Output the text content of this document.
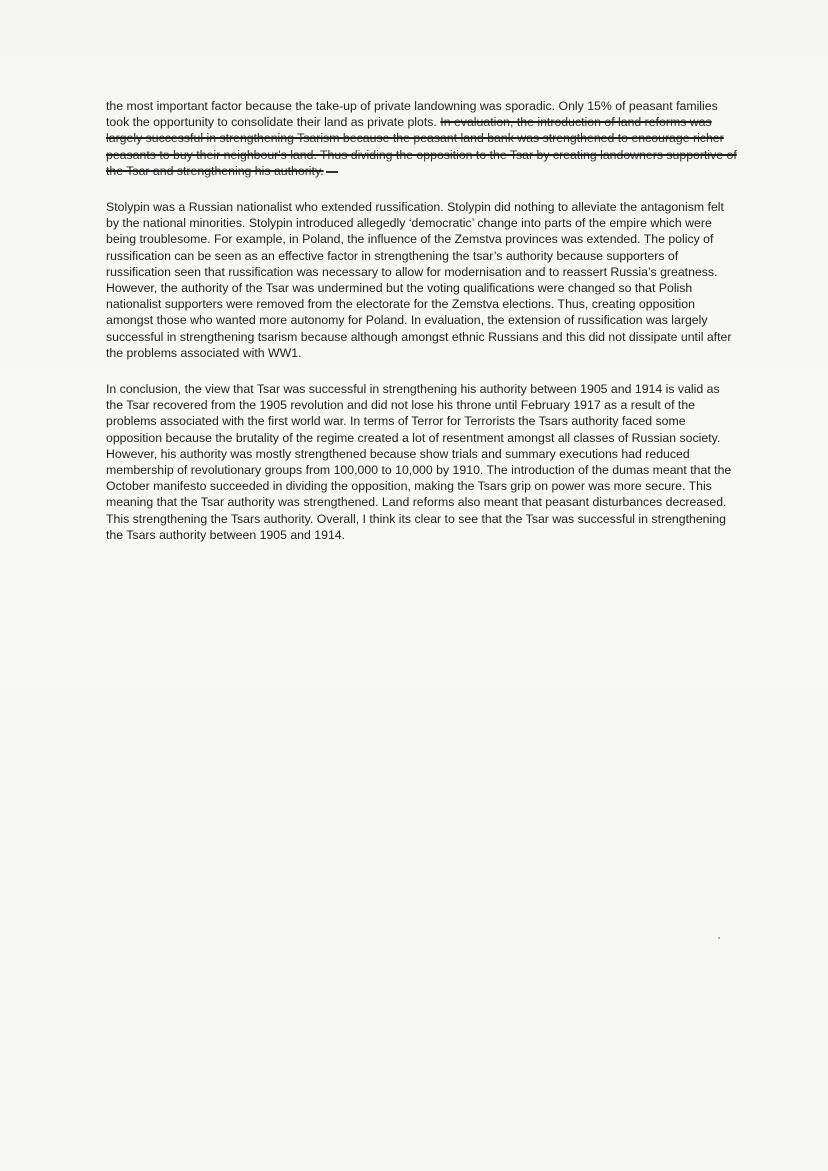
the most important factor because the take-up of private landowning was sporadic. Only 15% of peasant families took the opportunity to consolidate their land as private plots. In evaluation, the introduction of land reforms was largely successful in strengthening Tsarism because the peasant land bank was strengthened to encourage richer peasants to buy their neighbour's land. Thus dividing the opposition to the Tsar by creating landowners supportive of the Tsar and strengthening his authority.

Stolypin was a Russian nationalist who extended russification. Stolypin did nothing to alleviate the antagonism felt by the national minorities. Stolypin introduced allegedly ‘democratic’ change into parts of the empire which were being troublesome. For example, in Poland, the influence of the Zemstva provinces was extended. The policy of russification can be seen as an effective factor in strengthening the tsar’s authority because supporters of russification seen that russification was necessary to allow for modernisation and to reassert Russia’s greatness. However, the authority of the Tsar was undermined but the voting qualifications were changed so that Polish nationalist supporters were removed from the electorate for the Zemstva elections. Thus, creating opposition amongst those who wanted more autonomy for Poland. In evaluation, the extension of russification was largely successful in strengthening tsarism because although amongst ethnic Russians and this did not dissipate until after the problems associated with WW1.

In conclusion, the view that Tsar was successful in strengthening his authority between 1905 and 1914 is valid as the Tsar recovered from the 1905 revolution and did not lose his throne until February 1917 as a result of the problems associated with the first world war. In terms of Terror for Terrorists the Tsars authority faced some opposition because the brutality of the regime created a lot of resentment amongst all classes of Russian society. However, his authority was mostly strengthened because show trials and summary executions had reduced membership of revolutionary groups from 100,000 to 10,000 by 1910. The introduction of the dumas meant that the October manifesto succeeded in dividing the opposition, making the Tsars grip on power was more secure. This meaning that the Tsar authority was strengthened. Land reforms also meant that peasant disturbances decreased. This strengthening the Tsars authority. Overall, I think its clear to see that the Tsar was successful in strengthening the Tsars authority between 1905 and 1914.
